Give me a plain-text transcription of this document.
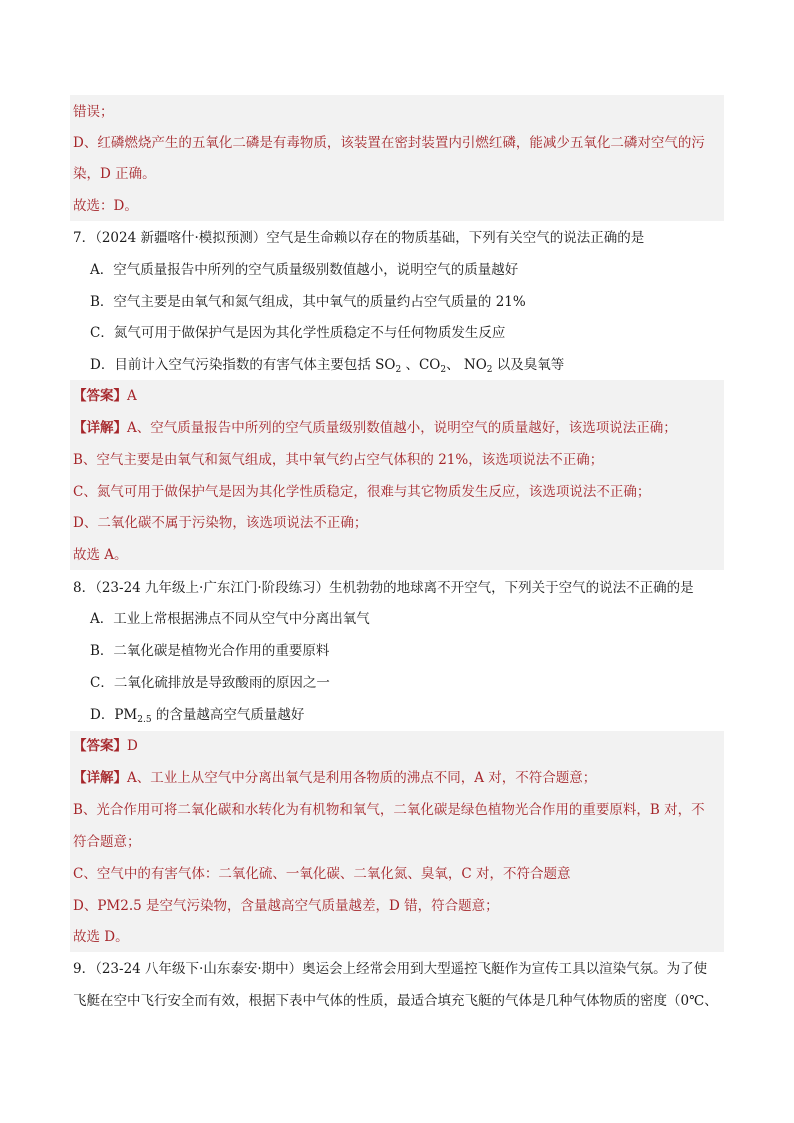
错误；
D、红磷燃烧产生的五氧化二磷是有毒物质，该装置在密封装置内引燃红磷，能减少五氧化二磷对空气的污
染，D 正确。
故选：D。
7．（2024 新疆喀什·模拟预测）空气是生命赖以存在的物质基础，下列有关空气的说法正确的是
A．空气质量报告中所列的空气质量级别数值越小，说明空气的质量越好
B．空气主要是由氧气和氮气组成，其中氧气的质量约占空气质量的 21%
C．氮气可用于做保护气是因为其化学性质稳定不与任何物质发生反应
D．目前计入空气污染指数的有害气体主要包括 $SO_2$ 、$CO_2$、 $NO_2$ 以及臭氧等
【答案】A
【详解】A、空气质量报告中所列的空气质量级别数值越小，说明空气的质量越好，该选项说法正确；
B、空气主要是由氧气和氮气组成，其中氧气约占空气体积的 21%，该选项说法不正确；
C、氮气可用于做保护气是因为其化学性质稳定，很难与其它物质发生反应，该选项说法不正确；
D、二氧化碳不属于污染物，该选项说法不正确；
故选 A。
8．（23-24 九年级上·广东江门·阶段练习）生机勃勃的地球离不开空气，下列关于空气的说法不正确的是
A．工业上常根据沸点不同从空气中分离出氧气
B．二氧化碳是植物光合作用的重要原料
C．二氧化硫排放是导致酸雨的原因之一
D．$PM_{2.5}$ 的含量越高空气质量越好
【答案】D
【详解】A、工业上从空气中分离出氧气是利用各物质的沸点不同，A 对，不符合题意；
B、光合作用可将二氧化碳和水转化为有机物和氧气，二氧化碳是绿色植物光合作用的重要原料，B 对，不
符合题意；
C、空气中的有害气体：二氧化硫、一氧化碳、二氧化氮、臭氧，C 对，不符合题意
D、PM2.5 是空气污染物，含量越高空气质量越差，D 错，符合题意；
故选 D。
9．（23-24 八年级下·山东泰安·期中）奥运会上经常会用到大型遥控飞艇作为宣传工具以渲染气氛。为了使
飞艇在空中飞行安全而有效，根据下表中气体的性质，最适合填充飞艇的气体是几种气体物质的密度（0℃、
